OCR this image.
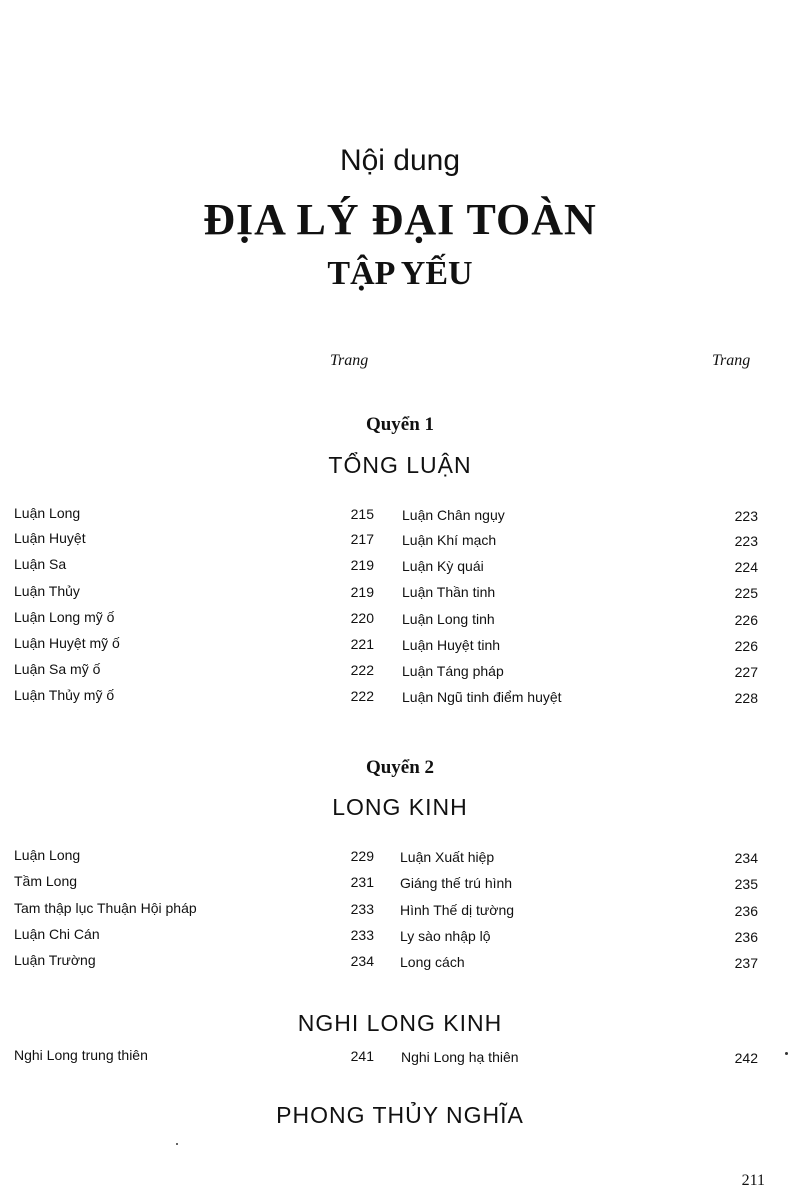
Nội dung
ĐỊA LÝ ĐẠI TOÀN
TẬP YẾU
Trang	Trang
Quyển 1
TỔNG LUẬN
Luận Long	215
Luận Huyệt	217
Luận Sa	219
Luận Thủy	219
Luận Long mỹ ố	220
Luận Huyệt mỹ ố	221
Luận Sa mỹ ố	222
Luận Thủy mỹ ố	222
Luận Chân ngụy	223
Luận Khí mạch	223
Luận Kỳ quái	224
Luận Thần tinh	225
Luận Long tinh	226
Luận Huyệt tinh	226
Luận Táng pháp	227
Luận Ngũ tinh điểm huyệt	228
Quyển 2
LONG KINH
Luận Long	229
Tầm Long	231
Tam thập lục Thuận Hội pháp	233
Luận Chi Cán	233
Luận Trường	234
Luận Xuất hiệp	234
Giáng thế trú hình	235
Hình Thế dị tường	236
Ly sào nhập lộ	236
Long cách	237
NGHI LONG KINH
Nghi Long trung thiên	241 Nghi Long hạ thiên	242
PHONG THỦY NGHĨA
211
